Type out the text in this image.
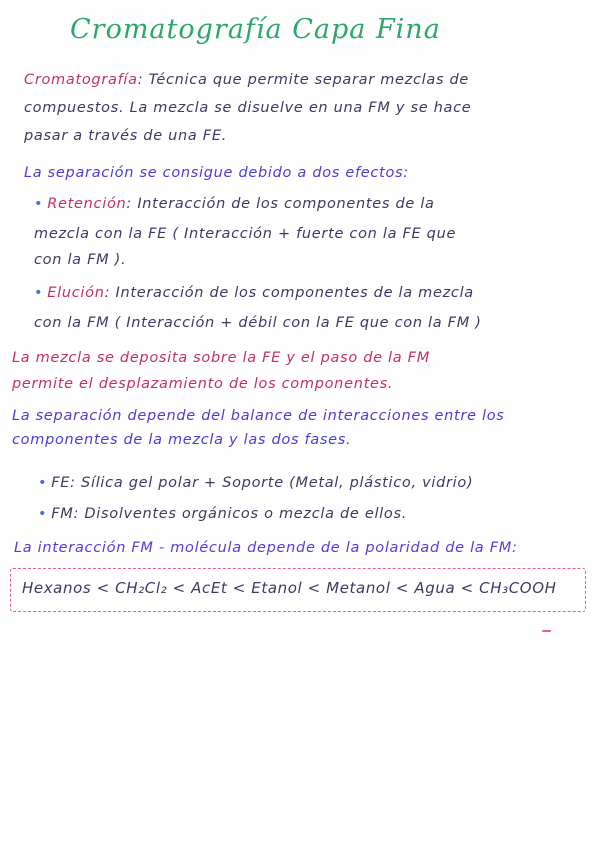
Cromatografía Capa Fina
Cromatografía: Técnica que permite separar mezclas de
compuestos. La mezcla se disuelve en una FM y se hace
pasar a través de una FE.
La separación se consigue debido a dos efectos:
• Retención: Interacción de los componentes de la
mezcla con la FE ( Interacción + fuerte con la FE que
con la FM ).
• Elución: Interacción de los componentes de la mezcla
con la FM ( Interacción + débil con la FE que con la FM )
La mezcla se deposita sobre la FE y el paso de la FM
permite el desplazamiento de los componentes.
La separación depende del balance de interacciones entre los
componentes de la mezcla y las dos fases.
• FE: Sílica gel polar + Soporte (Metal, plástico, vidrio)
• FM: Disolventes orgánicos o mezcla de ellos.
La interacción FM - molécula depende de la polaridad de la FM:
Hexanos < CH₂Cl₂ < AcEt < Etanol < Metanol < Agua < CH₃COOH
